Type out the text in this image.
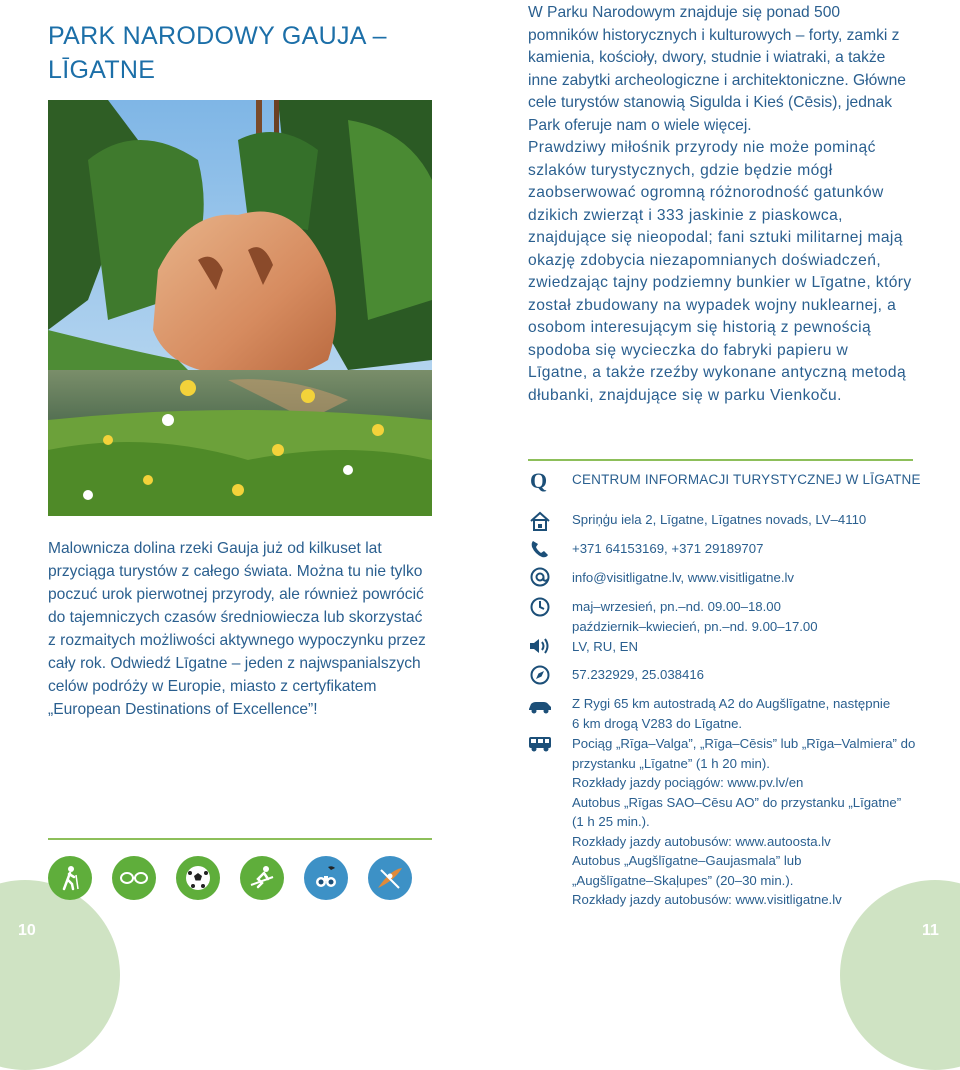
10	11
PARK NARODOWY GAUJA – LĪGATNE

Malownicza dolina rzeki Gauja już od kilkuset lat przyciąga turystów z całego świata. Można tu nie tylko poczuć urok pierwotnej przyrody, ale również powrócić do tajemniczych czasów średniowiecza lub skorzystać z rozmaitych możliwości aktywnego wypoczynku przez cały rok. Odwiedź Līgatne – jeden z najwspanialszych celów podróży w Europie, miasto z certyfikatem „European Destinations of Excellence”!

W Parku Narodowym znajduje się ponad 500 pomników historycznych i kulturowych – forty, zamki z kamienia, kościoły, dwory, studnie i wiatraki, a także inne zabytki archeologiczne i architektoniczne. Główne cele turystów stanowią Sigulda i Kieś (Cēsis), jednak Park oferuje nam o wiele więcej.

Prawdziwy miłośnik przyrody nie może pominąć szlaków turystycznych, gdzie będzie mógł zaobserwować ogromną różnorodność gatunków dzikich zwierząt i 333 jaskinie z piaskowca, znajdujące się nieopodal; fani sztuki militarnej mają okazję zdobycia niezapomnianych doświadczeń, zwiedzając tajny podziemny bunkier w Līgatne, który został zbudowany na wypadek wojny nuklearnej, a osobom interesującym się historią z pewnością spodoba się wycieczka do fabryki papieru w Līgatne, a także rzeźby wykonane antyczną metodą dłubanki, znajdujące się w parku Vienkoču.

Q CENTRUM INFORMACJI TURYSTYCZNEJ W LĪGATNE
Spriņģu iela 2, Līgatne, Līgatnes novads, LV–4110
+371 64153169, +371 29189707
info@visitligatne.lv, www.visitligatne.lv
maj–wrzesień, pn.–nd. 09.00–18.00
październik–kwiecień, pn.–nd. 9.00–17.00
LV, RU, EN
57.232929, 25.038416
Z Rygi 65 km autostradą A2 do Augšlīgatne, następnie
6 km drogą V283 do Līgatne.
Pociąg „Rīga–Valga”, „Rīga–Cēsis” lub „Rīga–Valmiera” do
przystanku „Līgatne” (1 h 20 min).
Rozkłady jazdy pociągów: www.pv.lv/en
Autobus „Rīgas SAO–Cēsu AO” do przystanku „Līgatne”
(1 h 25 min.).
Rozkłady jazdy autobusów: www.autoosta.lv
Autobus „Augšlīgatne–Gaujasmala” lub
„Augšlīgatne–Skaļupes” (20–30 min.).
Rozkłady jazdy autobusów: www.visitligatne.lv
